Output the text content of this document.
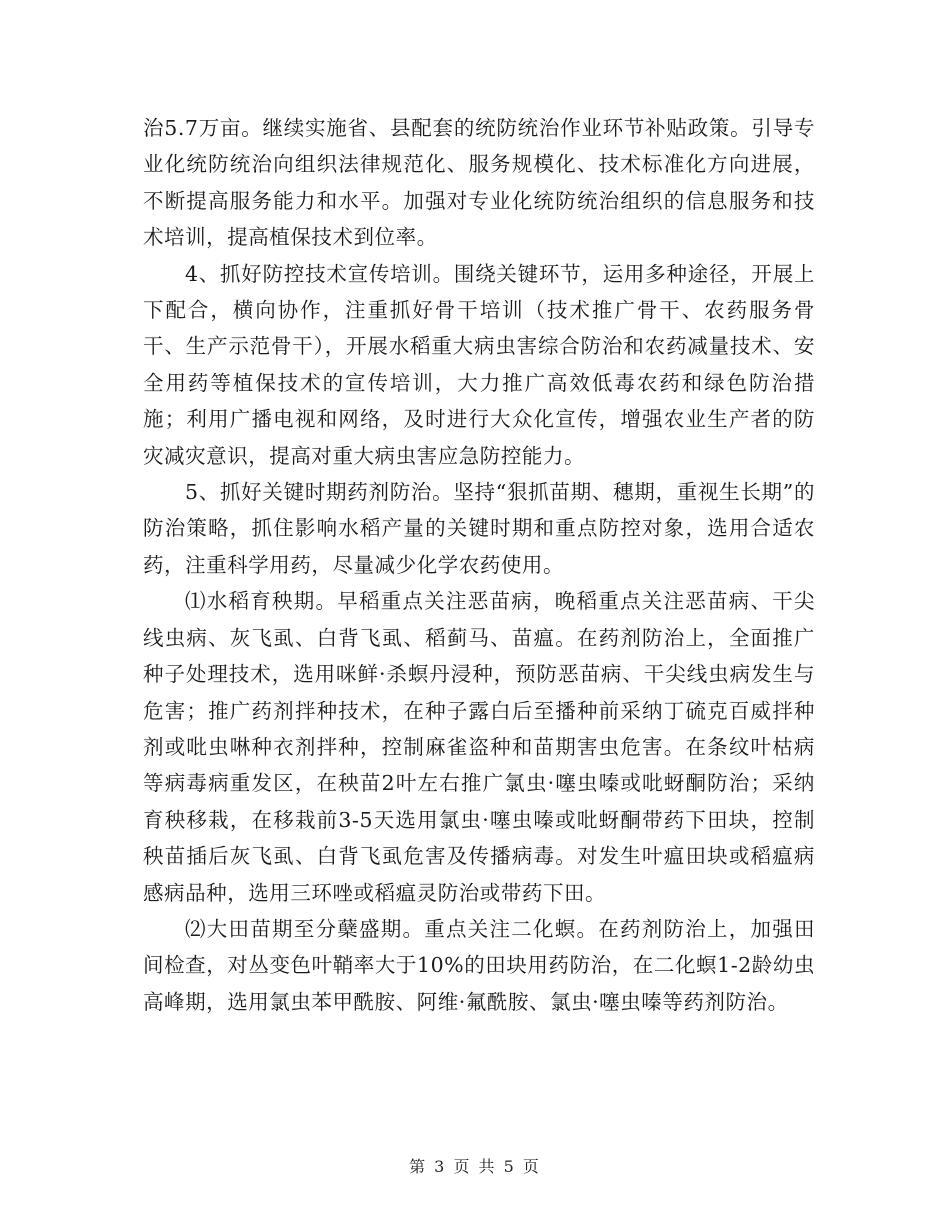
治5.7万亩。继续实施省、县配套的统防统治作业环节补贴政策。引导专业化统防统治向组织法律规范化、服务规模化、技术标准化方向进展，不断提高服务能力和水平。加强对专业化统防统治组织的信息服务和技术培训，提高植保技术到位率。

4、抓好防控技术宣传培训。围绕关键环节，运用多种途径，开展上下配合，横向协作，注重抓好骨干培训（技术推广骨干、农药服务骨干、生产示范骨干），开展水稻重大病虫害综合防治和农药减量技术、安全用药等植保技术的宣传培训，大力推广高效低毒农药和绿色防治措施；利用广播电视和网络，及时进行大众化宣传，增强农业生产者的防灾减灾意识，提高对重大病虫害应急防控能力。

5、抓好关键时期药剂防治。坚持“狠抓苗期、穗期，重视生长期”的防治策略，抓住影响水稻产量的关键时期和重点防控对象，选用合适农药，注重科学用药，尽量减少化学农药使用。

⑴水稻育秧期。早稻重点关注恶苗病，晚稻重点关注恶苗病、干尖线虫病、灰飞虱、白背飞虱、稻蓟马、苗瘟。在药剂防治上，全面推广种子处理技术，选用咪鲜·杀螟丹浸种，预防恶苗病、干尖线虫病发生与危害；推广药剂拌种技术，在种子露白后至播种前采纳丁硫克百威拌种剂或吡虫啉种衣剂拌种，控制麻雀盗种和苗期害虫危害。在条纹叶枯病等病毒病重发区，在秧苗2叶左右推广氯虫·噻虫嗪或吡蚜酮防治；采纳育秧移栽，在移栽前3-5天选用氯虫·噻虫嗪或吡蚜酮带药下田块，控制秧苗插后灰飞虱、白背飞虱危害及传播病毒。对发生叶瘟田块或稻瘟病感病品种，选用三环唑或稻瘟灵防治或带药下田。

⑵大田苗期至分蘖盛期。重点关注二化螟。在药剂防治上，加强田间检查，对丛变色叶鞘率大于10%的田块用药防治，在二化螟1-2龄幼虫高峰期，选用氯虫苯甲酰胺、阿维·氟酰胺、氯虫·噻虫嗪等药剂防治。

第 3 页 共 5 页
